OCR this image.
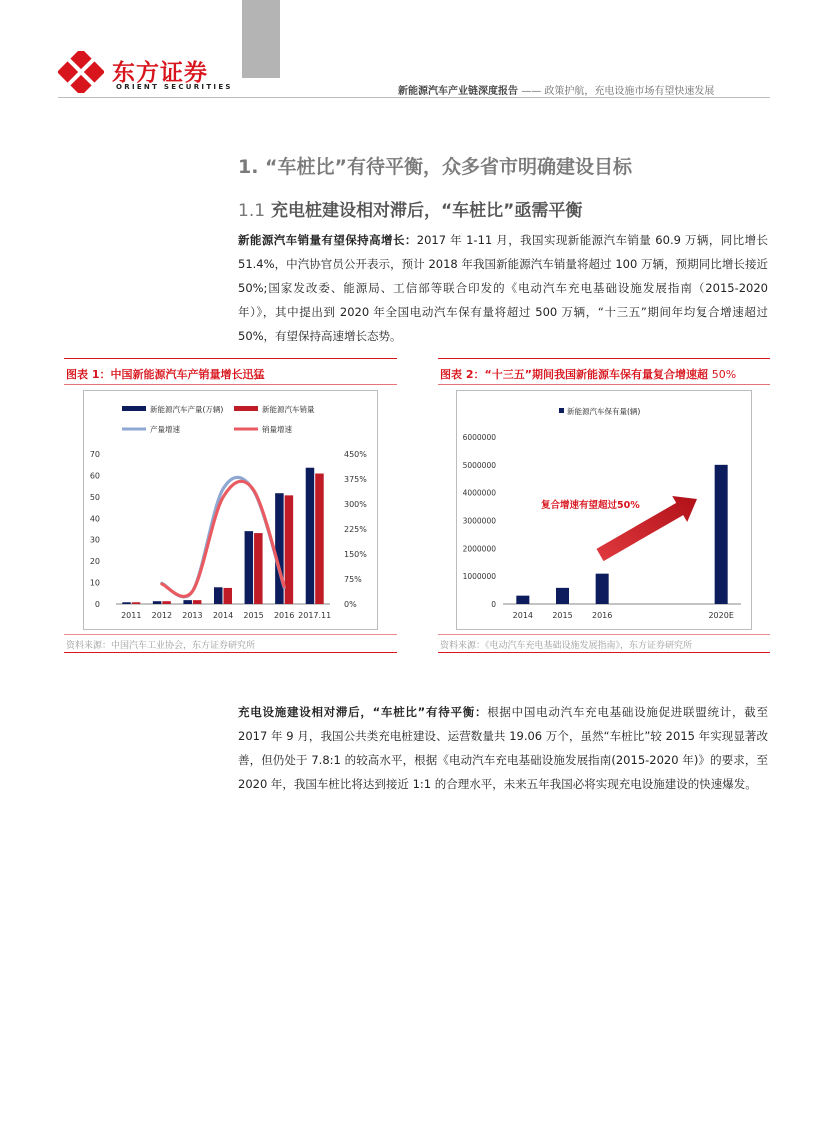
东方证券
ORIENT SECURITIES	新能源汽车产业链深度报告 —— 政策护航，充电设施市场有望快速发展
1. “车桩比”有待平衡，众多省市明确建设目标
1.1 充电桩建设相对滞后，“车桩比”亟需平衡
新能源汽车销量有望保持高增长：2017 年 1-11 月，我国实现新能源汽车销量 60.9 万辆，同比增长 51.4%，中汽协官员公开表示，预计 2018 年我国新能源汽车销量将超过 100 万辆，预期同比增长接近 50%;国家发改委、能源局、工信部等联合印发的《电动汽车充电基础设施发展指南（2015-2020 年）》，其中提出到 2020 年全国电动汽车保有量将超过 500 万辆，“十三五”期间年均复合增速超过 50%，有望保持高速增长态势。
图表 1：中国新能源汽车产销量增长迅猛
0
10
20
30
40
50
60
70
0%
75%
150%
225%
300%
375%
450%
2011 2012 2013 2014 2015 2016 2017.11
新能源汽车产量(万辆)	新能源汽车销量
产量增速	销量增速
资料来源：中国汽车工业协会，东方证券研究所
图表 2：“十三五”期间我国新能源车保有量复合增速超 50%
0
1000000
2000000
3000000
4000000
5000000
6000000
2014 2015 2016	2020E
新能源汽车保有量(辆)
复合增速有望超过50%
资料来源：《电动汽车充电基础设施发展指南》，东方证券研究所
充电设施建设相对滞后，“车桩比”有待平衡：根据中国电动汽车充电基础设施促进联盟统计，截至 2017 年 9 月，我国公共类充电桩建设、运营数量共 19.06 万个，虽然“车桩比”较 2015 年实现显著改善，但仍处于 7.8:1 的较高水平，根据《电动汽车充电基础设施发展指南(2015-2020 年)》的要求，至 2020 年，我国车桩比将达到接近 1:1 的合理水平，未来五年我国必将实现充电设施建设的快速爆发。
